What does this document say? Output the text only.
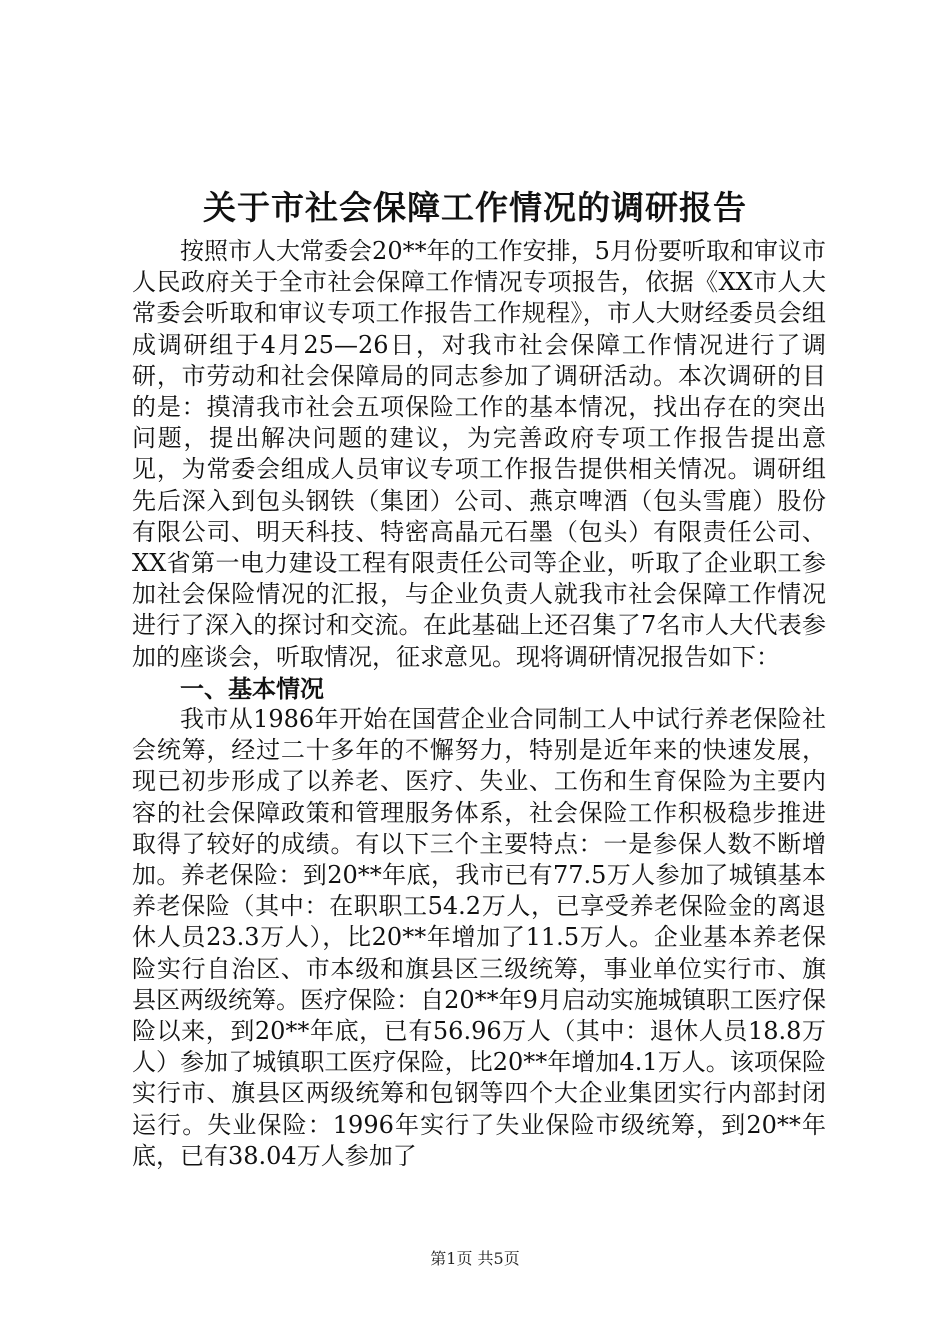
关于市社会保障工作情况的调研报告

按照市人大常委会20**年的工作安排，5月份要听取和审议市人民政府关于全市社会保障工作情况专项报告，依据《XX市人大常委会听取和审议专项工作报告工作规程》，市人大财经委员会组成调研组于4月25—26日，对我市社会保障工作情况进行了调研，市劳动和社会保障局的同志参加了调研活动。本次调研的目的是：摸清我市社会五项保险工作的基本情况，找出存在的突出问题，提出解决问题的建议，为完善政府专项工作报告提出意见，为常委会组成人员审议专项工作报告提供相关情况。调研组先后深入到包头钢铁（集团）公司、燕京啤酒（包头雪鹿）股份有限公司、明天科技、特密高晶元石墨（包头）有限责任公司、XX省第一电力建设工程有限责任公司等企业，听取了企业职工参加社会保险情况的汇报，与企业负责人就我市社会保障工作情况进行了深入的探讨和交流。在此基础上还召集了7名市人大代表参加的座谈会，听取情况，征求意见。现将调研情况报告如下：

一、基本情况

我市从1986年开始在国营企业合同制工人中试行养老保险社会统筹，经过二十多年的不懈努力，特别是近年来的快速发展，现已初步形成了以养老、医疗、失业、工伤和生育保险为主要内容的社会保障政策和管理服务体系，社会保险工作积极稳步推进取得了较好的成绩。有以下三个主要特点：一是参保人数不断增加。养老保险：到20**年底，我市已有77.5万人参加了城镇基本养老保险（其中：在职职工54.2万人，已享受养老保险金的离退休人员23.3万人），比20**年增加了11.5万人。企业基本养老保险实行自治区、市本级和旗县区三级统筹，事业单位实行市、旗县区两级统筹。医疗保险：自20**年9月启动实施城镇职工医疗保险以来，到20**年底，已有56.96万人（其中：退休人员18.8万人）参加了城镇职工医疗保险，比20**年增加4.1万人。该项保险实行市、旗县区两级统筹和包钢等四个大企业集团实行内部封闭运行。失业保险：1996年实行了失业保险市级统筹，到20**年底，已有38.04万人参加了

第1页 共5页
